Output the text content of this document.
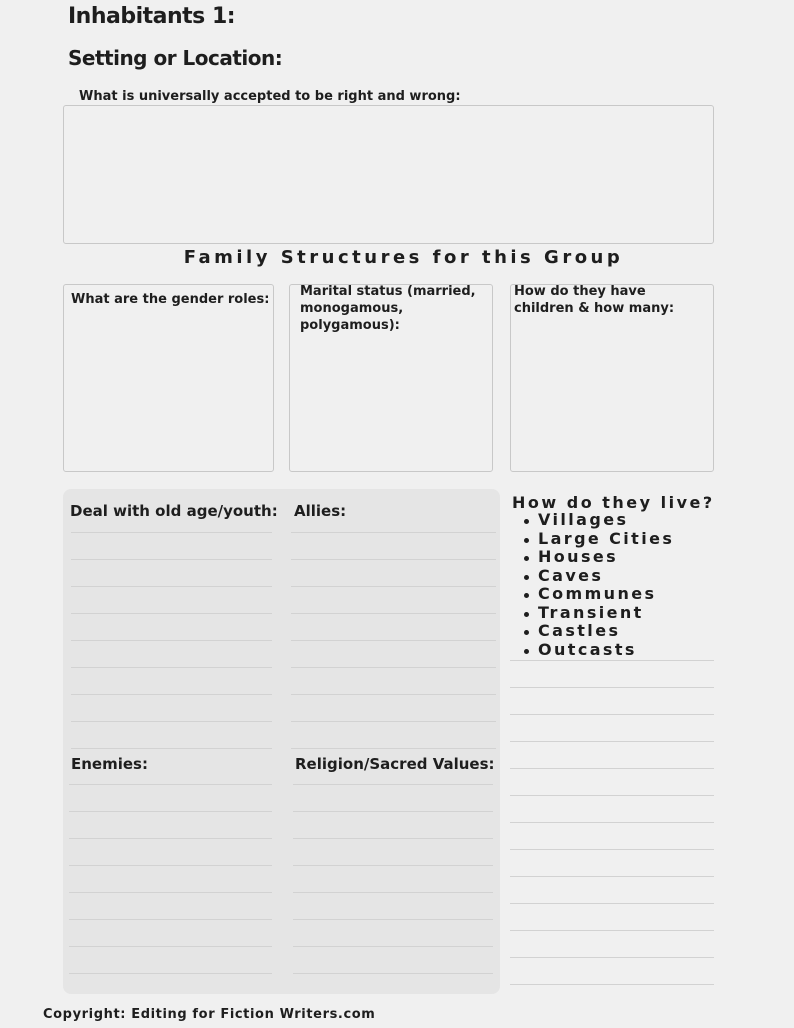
Inhabitants 1:
Setting or Location:
What is universally accepted to be right and wrong:
Family Structures for this Group
What are the gender roles:
Marital status (married, monogamous, polygamous):
How do they have children & how many:
Deal with old age/youth: Allies:
Enemies:	Religion/Sacred Values:
How do they live?
Villages
Large Cities
Houses
Caves
Communes
Transient
Castles
Outcasts
Copyright: Editing for Fiction Writers.com
